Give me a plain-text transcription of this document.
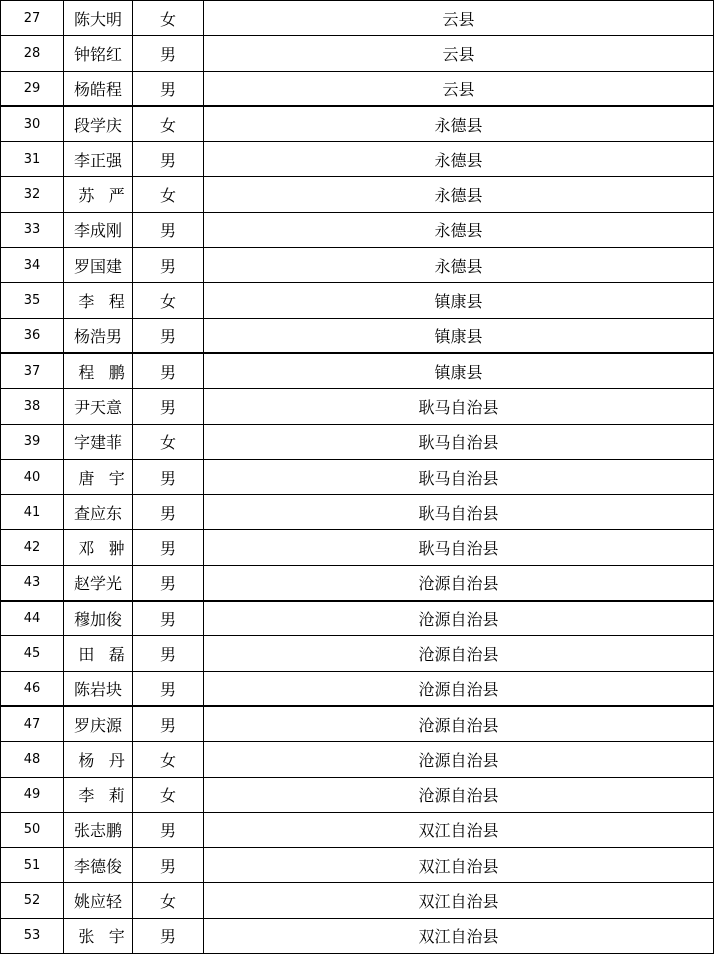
27	陈大明	女	云县
28	钟铭红	男	云县
29	杨皓程	男	云县
30	段学庆	女	永德县
31	李正强	男	永德县
32	苏严	女	永德县
33	李成刚	男	永德县
34	罗国建	男	永德县
35	李程	女	镇康县
36	杨浩男	男	镇康县
37	程鹏	男	镇康县
38	尹天意	男	耿马自治县
39	字建菲	女	耿马自治县
40	唐宇	男	耿马自治县
41	查应东	男	耿马自治县
42	邓翀	男	耿马自治县
43	赵学光	男	沧源自治县
44	穆加俊	男	沧源自治县
45	田磊	男	沧源自治县
46	陈岩块	男	沧源自治县
47	罗庆源	男	沧源自治县
48	杨丹	女	沧源自治县
49	李莉	女	沧源自治县
50	张志鹏	男	双江自治县
51	李德俊	男	双江自治县
52	姚应轻	女	双江自治县
53	张宇	男	双江自治县
